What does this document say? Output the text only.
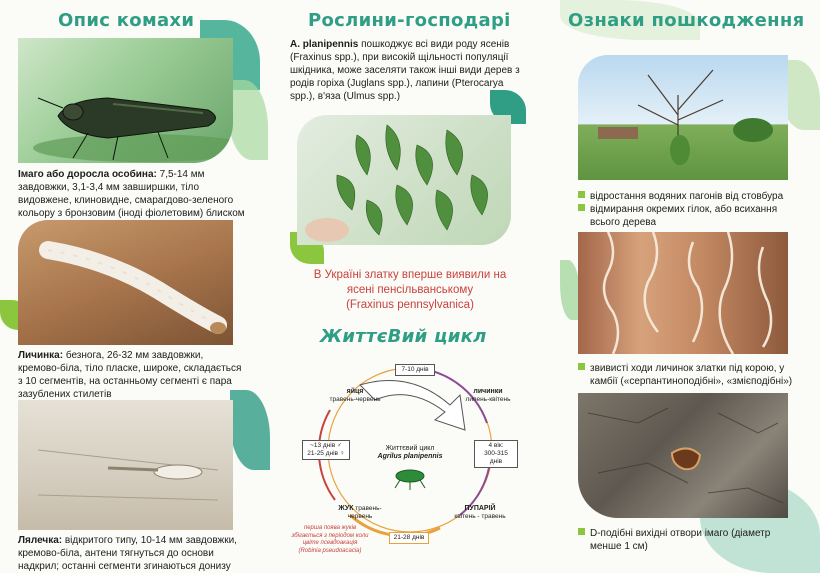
Опис комахи
Імаго або доросла особина: 7,5-14 мм завдовжки, 3,1-3,4 мм завширшки, тіло видовжене, клиновидне, смарагдово-зеленого кольору з бронзовим (іноді фіолетовим) блиском
Личинка: безнога, 26-32 мм завдовжки, кремово-біла, тіло пласке, широке, складається з 10 сегментів, на останньому сегменті є пара зазублених стилетів
Лялечка: відкритого типу, 10-14 мм завдовжки, кремово-біла, антени тягнуться до основи надкрил; останні сегменти згинаються донизу
Рослини-господарі
A. planipennis пошкоджує всі види роду ясенів (Fraxinus spp.), при високій щільності популяції шкідника, може заселяти також інші види дерев з родів горіха (Juglans spp.), лапини (Pterocarya spp.), в'яза (Ulmus spp.)
В Україні златку вперше виявили на
ясені пенсільванському
(Fraxinus pennsylvanica)
ЖиттєВий цикл
7-10 днів
яйця
травень-червень
личинки
липень-квітень
4 вік:
300-315 днів
Життєвий цикл
Agrilus planipennis
~13 днів ♂
21-25 днів ♀
ЖУК травень-червень
ПУПАРІЙ
квітень - травень
21-28 днів
перша поява жуків
збігається з періодом коли
цвіте псевдоакація
(Robinia pseudoacacia)
Ознаки пошкодження
відростання водяних пагонів від стовбура
відмирання окремих гілок, або всихання
всього дерева
звивисті ходи личинок златки під корою, у
камбії («серпантиноподібні», «змієподібні»)
D-подібні вихідні отвори імаго (діаметр
менше 1 см)
